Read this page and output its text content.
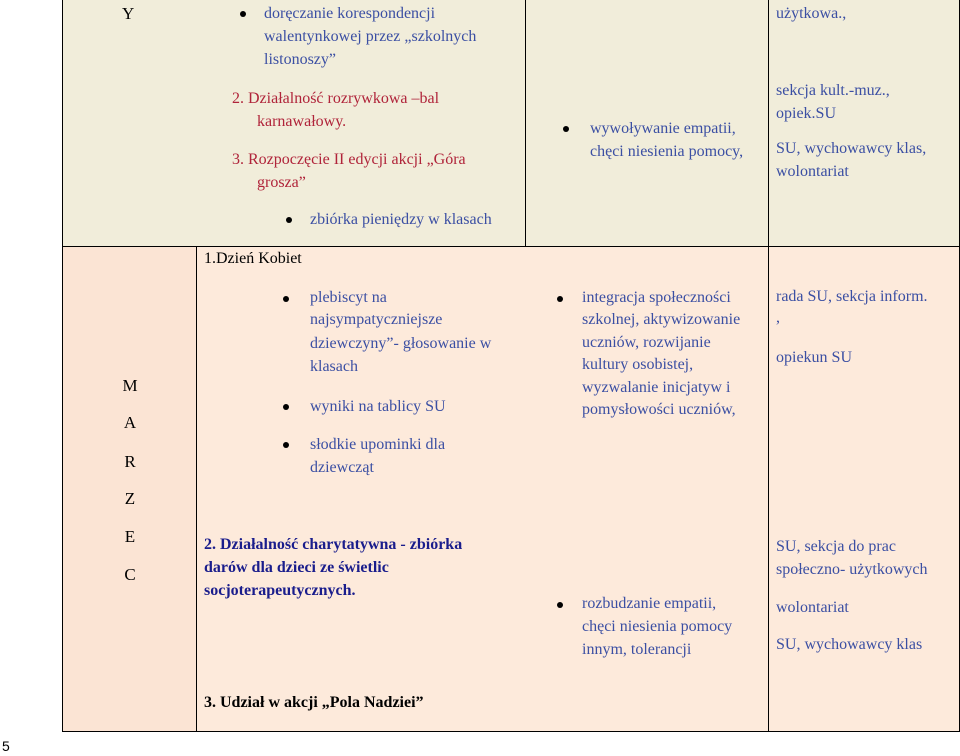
Y	doręczanie korespondencji
walentynkowej przez „szkolnych
listonoszy”
2. Działalność rozrywkowa –bal
karnawałowy.
3. Rozpoczęcie II edycji akcji „Góra
grosza”
zbiórka pieniędzy w klasach
wywoływanie empatii,
chęci niesienia pomocy,
użytkowa.,
sekcja kult.-muz.,
opiek.SU
SU, wychowawcy klas,
wolontariat
M
A
R
Z
E
C
1.Dzień Kobiet
plebiscyt na
najsympatyczniejsze
dziewczyny”- głosowanie w
klasach
wyniki na tablicy SU
słodkie upominki dla
dziewcząt
integracja społeczności
szkolnej, aktywizowanie
uczniów, rozwijanie
kultury osobistej,
wyzwalanie inicjatyw i
pomysłowości uczniów,
rada SU, sekcja inform.
,
opiekun SU
2. Działalność charytatywna - zbiórka
darów dla dzieci ze świetlic
socjoterapeutycznych.
rozbudzanie empatii,
chęci niesienia pomocy
innym, tolerancji
SU, sekcja do prac
społeczno- użytkowych
wolontariat
SU, wychowawcy klas
3. Udział w akcji „Pola Nadziei”
5
